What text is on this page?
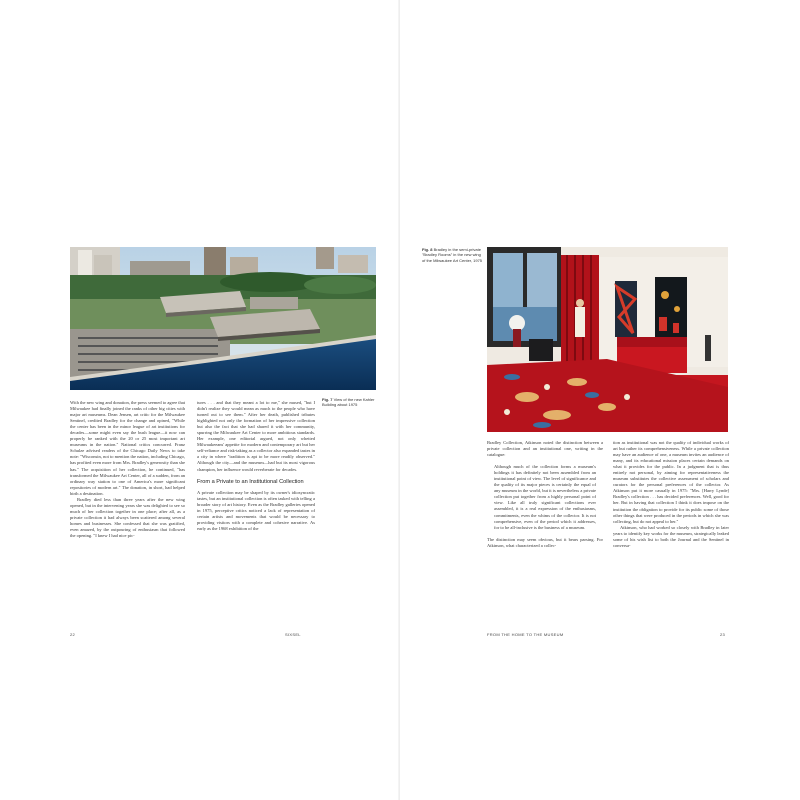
Fig. 7 View of the new Kahler Building about 1975

With the new wing and donation, the press seemed to agree that Milwaukee had finally joined the ranks of other big cities with major art museums. Dean Jensen, art critic for the Milwaukee Sentinel, credited Bradley for the change and opined, "While the center has been in the minor league of art institutions for decades—some might even say the bush league—it now can properly be ranked with the 20 or 25 most important art museums in the nation." National critics concurred. Franz Schulze advised readers of the Chicago Daily News to take note: "Wisconsin, not to mention the nation, including Chicago, has profited even more from Mrs. Bradley's generosity than she has." The acquisition of her collection, he continued, "has transformed the Milwaukee Art Center, all of a sudden, from an ordinary way station to one of America's more significant repositories of modern art." The donation, in short, had helped birth a destination.

Bradley died less than three years after the new wing opened, but in the intervening years she was delighted to see so much of her collection together in one place; after all, as a private collection it had always been scattered among several homes and businesses. She confessed that she was gratified, even amazed, by the outpouring of enthusiasm that followed the opening. "I knew I had nice pic-

tures . . . and that they meant a lot to me," she mused, "but I didn't realize they would mean as much to the people who have turned out to see them." After her death, published tributes highlighted not only the formation of her impressive collection but also the fact that she had shared it with her community, spurring the Milwaukee Art Center to more ambitious standards. Her example, one editorial argued, not only whetted Milwaukeeans' appetite for modern and contemporary art but her self-reliance and risk-taking as a collector also expanded tastes in a city in where "tradition is apt to be more readily observed." Although the city—and the museum—had but its most vigorous champion, her influence would reverberate for decades.

From a Private to an Institutional Collection

A private collection may be shaped by its owner's idiosyncratic tastes, but an institutional collection is often tasked with telling a broader story of art history. Even as the Bradley galleries opened in 1975, perceptive critics noticed a lack of representation of certain artists and movements that would be necessary to providing visitors with a complete and cohesive narrative. As early as the 1968 exhibition of the

22	SIXSEL
Fig. 8 Bradley in the semi-private "Bradley Rooms" in the new wing of the Milwaukee Art Center, 1975

Bradley Collection, Atkinson noted the distinction between a private collection and an institutional one, writing in the catalogue:

Although much of the collection forms a museum's holdings it has definitely not been assembled from an institutional point of view. The level of significance and the quality of its major pieces is certainly the equal of any museum in the world, but it is nevertheless a private collection put together from a highly personal point of view. Like all truly significant collections ever assembled, it is a real expression of the enthusiasms, commitments, even the whims of the collector. It is not comprehensive, even of the period which it addresses, for to be all-inclusive is the business of a museum.

The distinction may seem obvious, but it bears parsing. For Atkinson, what characterized a collec-

tion as institutional was not the quality of individual works of art but rather its comprehensiveness. While a private collection may have an audience of one, a museum invites an audience of many, and its educational mission places certain demands on what it provides for the public. In a judgment that is thus entirely not personal, by aiming for representativeness the museum substitutes the collective assessment of scholars and curators for the personal preferences of the collector. As Atkinson put it more casually in 1975: "Mrs. [Harry Lynde] Bradley's collection . . . has decided preferences. Well, good for her. But in having that collection I think it does impose on the institution the obligation to provide for its public some of those other things that were produced in the periods in which she was collecting, but do not appeal to her."

Atkinson, who had worked so closely with Bradley in later years to identify key works for the museum, strategically leaked some of his wish list to both the Journal and the Sentinel in conversa-

FROM THE HOME TO THE MUSEUM	23
